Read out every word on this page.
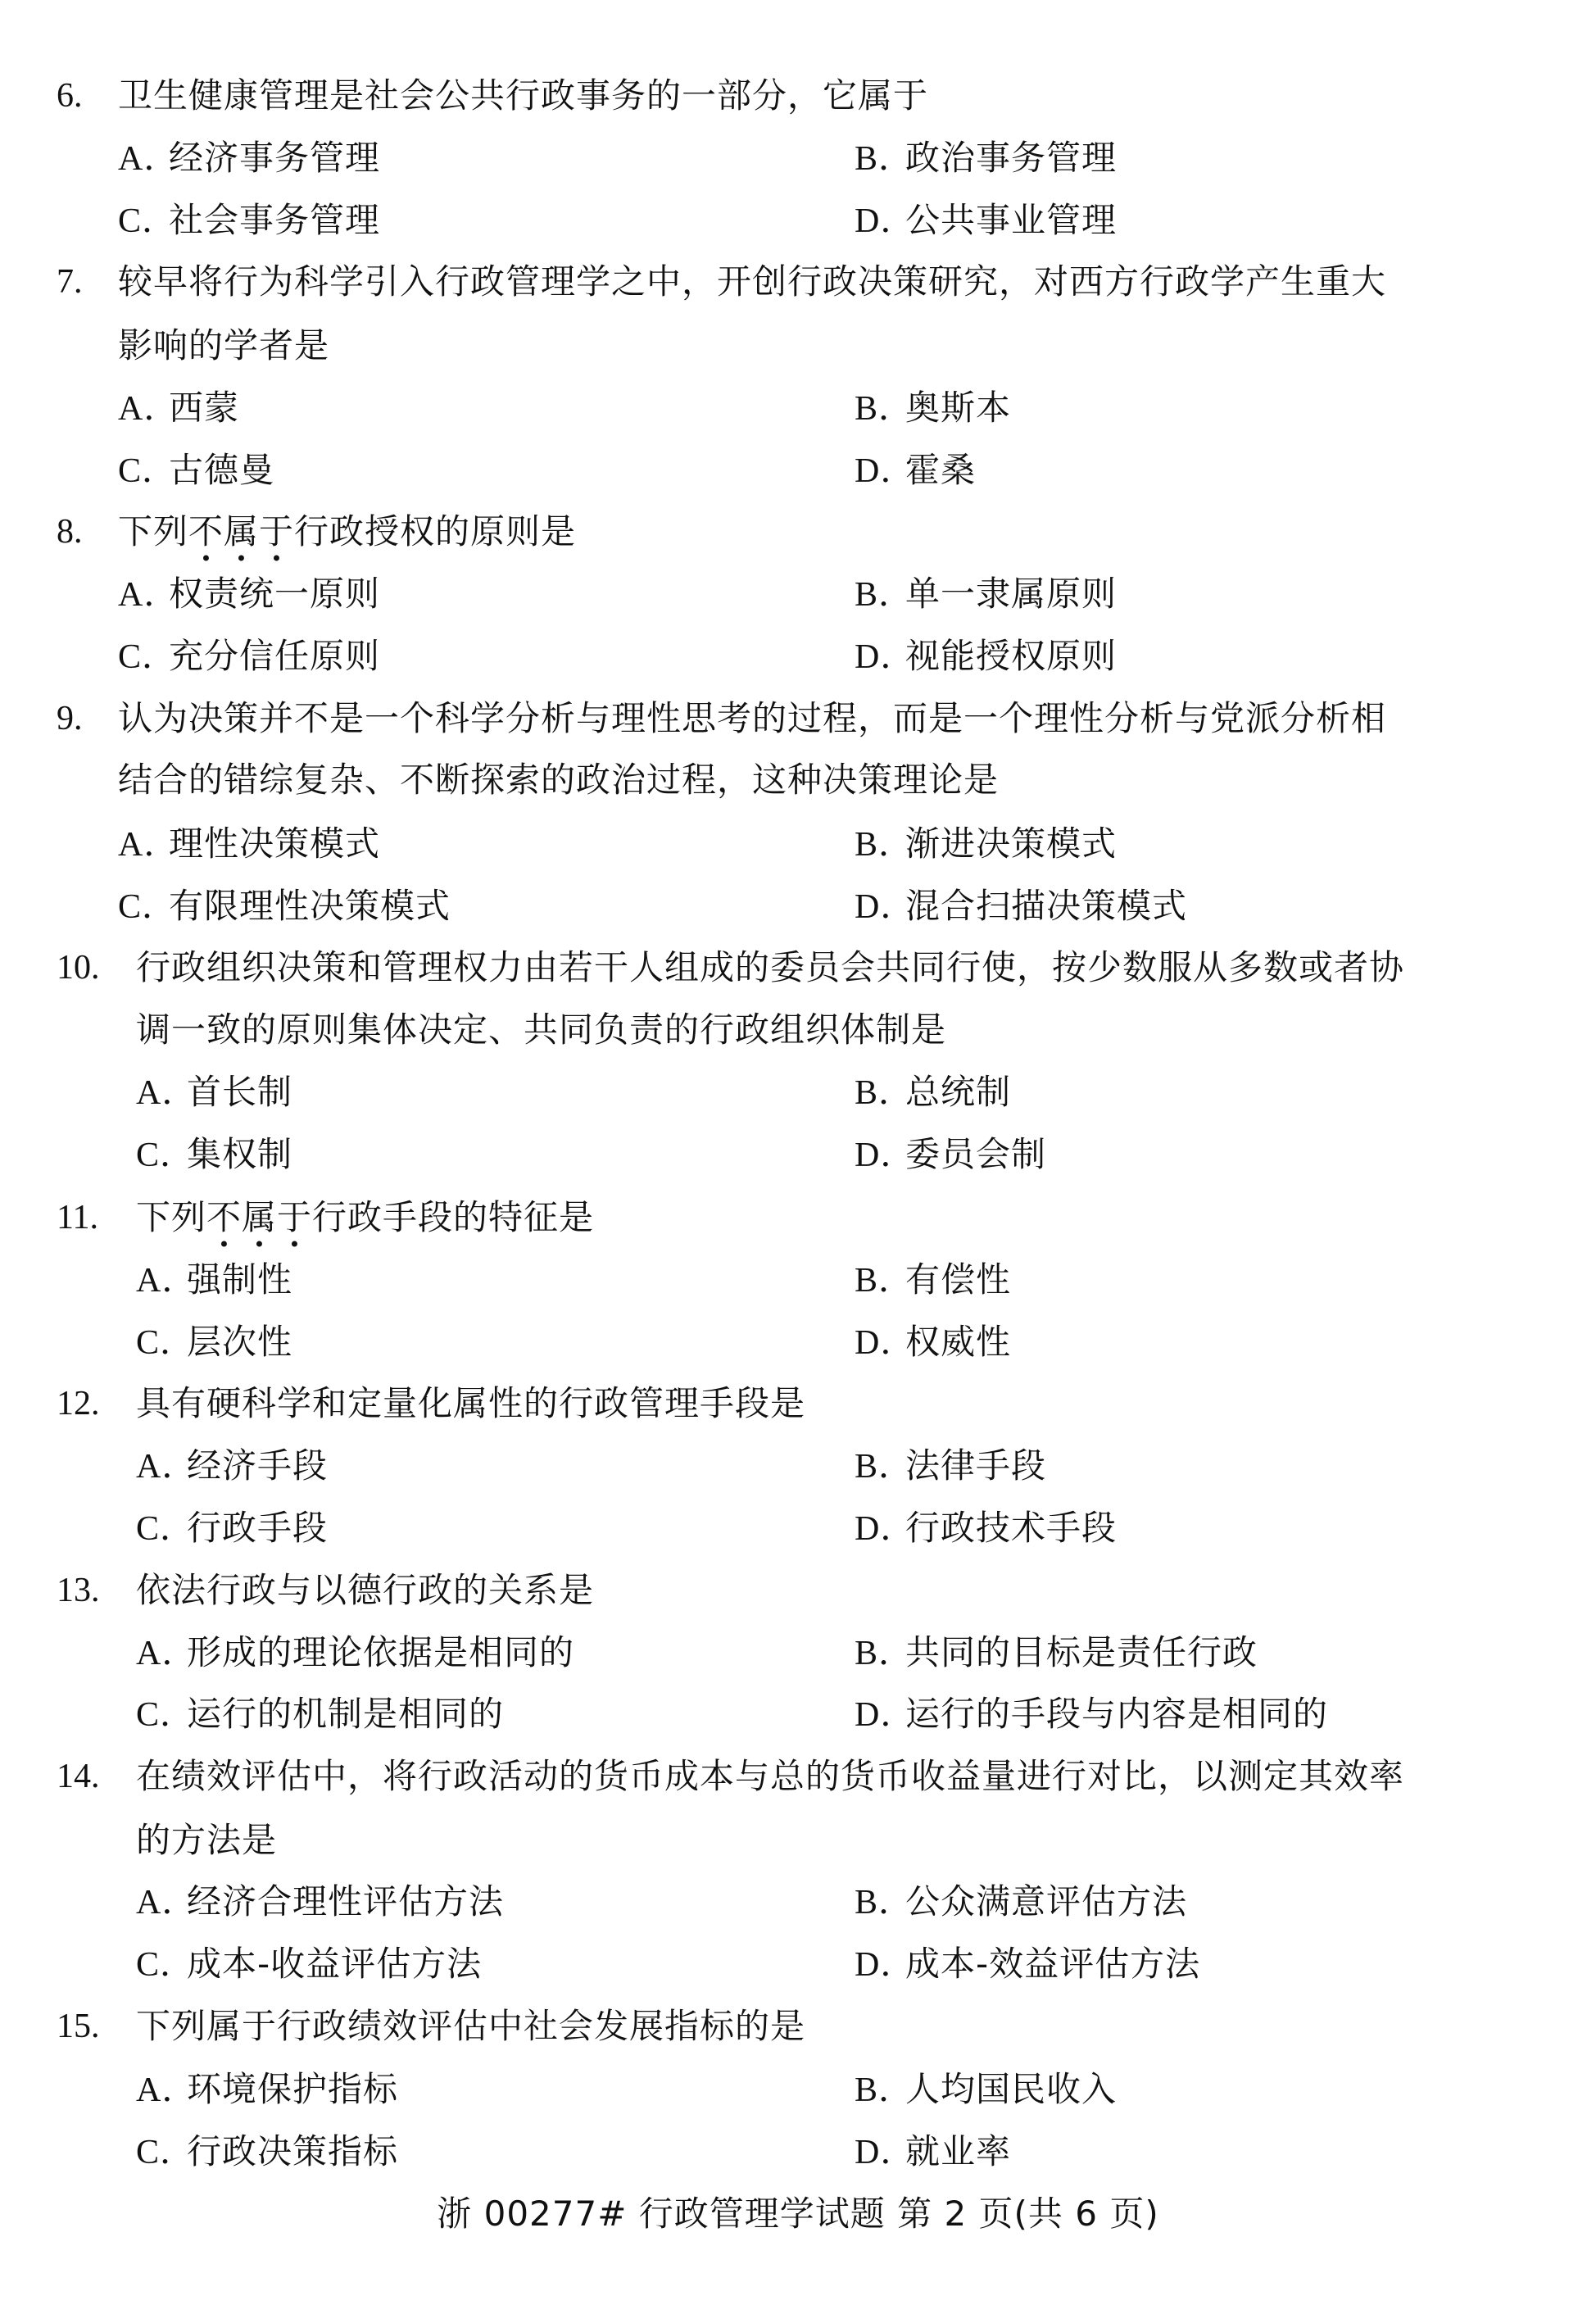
6. 卫生健康管理是社会公共行政事务的一部分，它属于
A．经济事务管理	B．政治事务管理
C．社会事务管理	D．公共事业管理
7. 较早将行为科学引入行政管理学之中，开创行政决策研究，对西方行政学产生重大
影响的学者是
A．西蒙	B．奥斯本
C．古德曼	D．霍桑
8. 下列不属于行政授权的原则是
• • •
A．权责统一原则	B．单一隶属原则
C．充分信任原则	D．视能授权原则
9. 认为决策并不是一个科学分析与理性思考的过程，而是一个理性分析与党派分析相
结合的错综复杂、不断探索的政治过程，这种决策理论是
A．理性决策模式	B．渐进决策模式
C．有限理性决策模式	D．混合扫描决策模式
10. 行政组织决策和管理权力由若干人组成的委员会共同行使，按少数服从多数或者协
调一致的原则集体决定、共同负责的行政组织体制是
A．首长制	B．总统制
C．集权制	D．委员会制
11. 下列不属于行政手段的特征是
• • •
A．强制性	B．有偿性
C．层次性	D．权威性
12. 具有硬科学和定量化属性的行政管理手段是
A．经济手段	B．法律手段
C．行政手段	D．行政技术手段
13. 依法行政与以德行政的关系是
A．形成的理论依据是相同的	B．共同的目标是责任行政
C．运行的机制是相同的	D．运行的手段与内容是相同的
14. 在绩效评估中，将行政活动的货币成本与总的货币收益量进行对比，以测定其效率
的方法是
A．经济合理性评估方法	B．公众满意评估方法
C．成本-收益评估方法	D．成本-效益评估方法
15. 下列属于行政绩效评估中社会发展指标的是
A．环境保护指标	B．人均国民收入
C．行政决策指标	D．就业率
浙 00277# 行政管理学试题 第 2 页(共 6 页)
